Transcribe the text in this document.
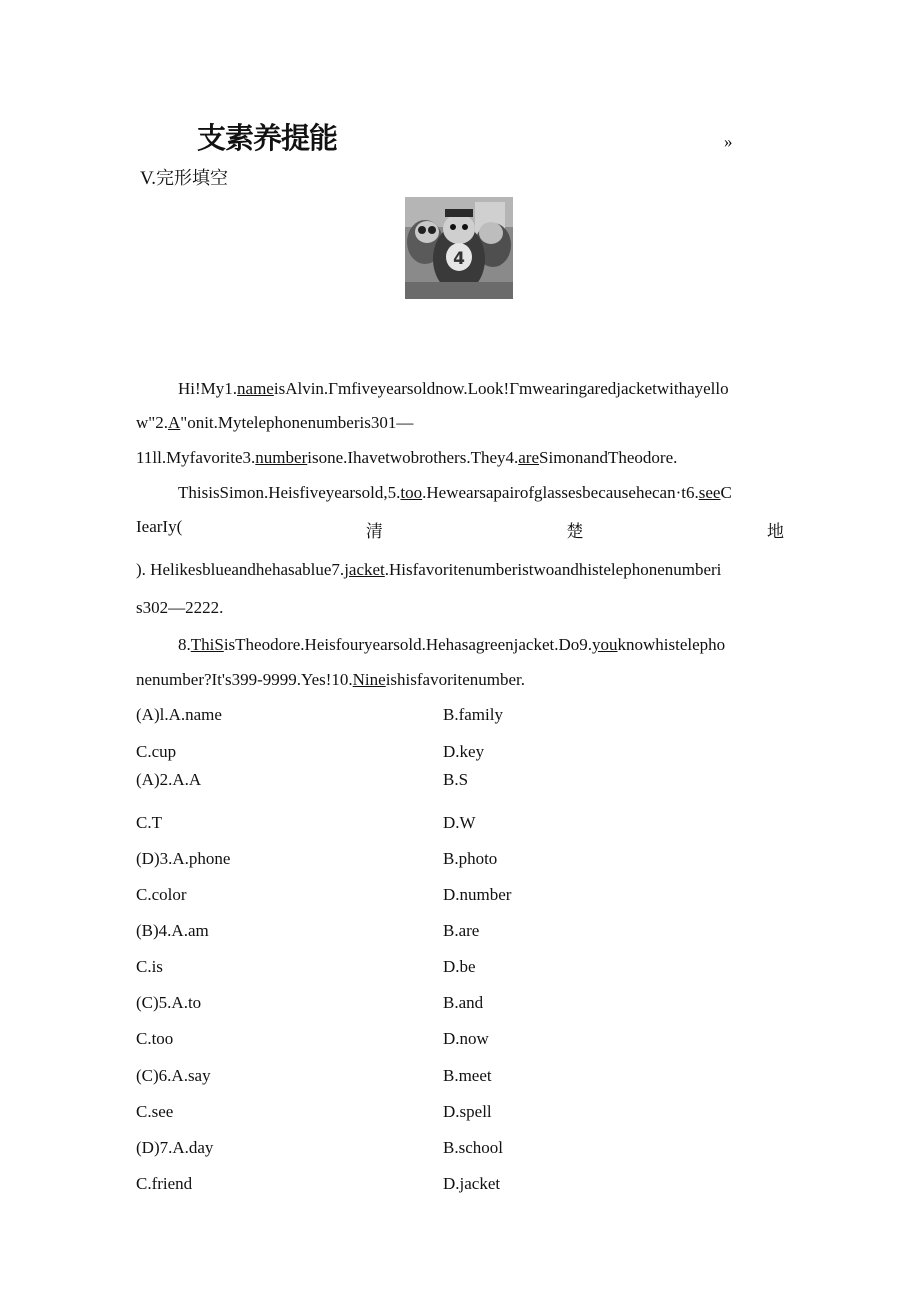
支素养提能	»
V.完形填空
4
Hi!My1.nameisAlvin.Γmfiveyearsoldnow.Look!Γmwearingaredjacketwithayello
w"2.A"onit.Mytelephonenumberis301—
11ll.Myfavorite3.numberisone.Ihavetwobrothers.They4.areSimonandTheodore.
ThisisSimon.Heisfiveyearsold,5.too.Hewearsapairofglassesbecausehecan·t6.seeC
IearIy(	清	楚	地
). Helikesblueandhehasablue7.jacket.Hisfavoritenumberistwoandhistelephonenumberi
s302—2222.
8.ThiSisTheodore.Heisfouryearsold.Hehasagreenjacket.Do9.youknowhistelepho
nenumber?It's399-9999.Yes!10.Nineishisfavoritenumber.
(A)l.A.name	B.family
C.cup	D.key
(A)2.A.A	B.S
C.T	D.W
(D)3.A.phone	B.photo
C.color	D.number
(B)4.A.am	B.are
C.is	D.be
(C)5.A.to	B.and
C.too	D.now
(C)6.A.say	B.meet
C.see	D.spell
(D)7.A.day	B.school
C.friend	D.jacket
